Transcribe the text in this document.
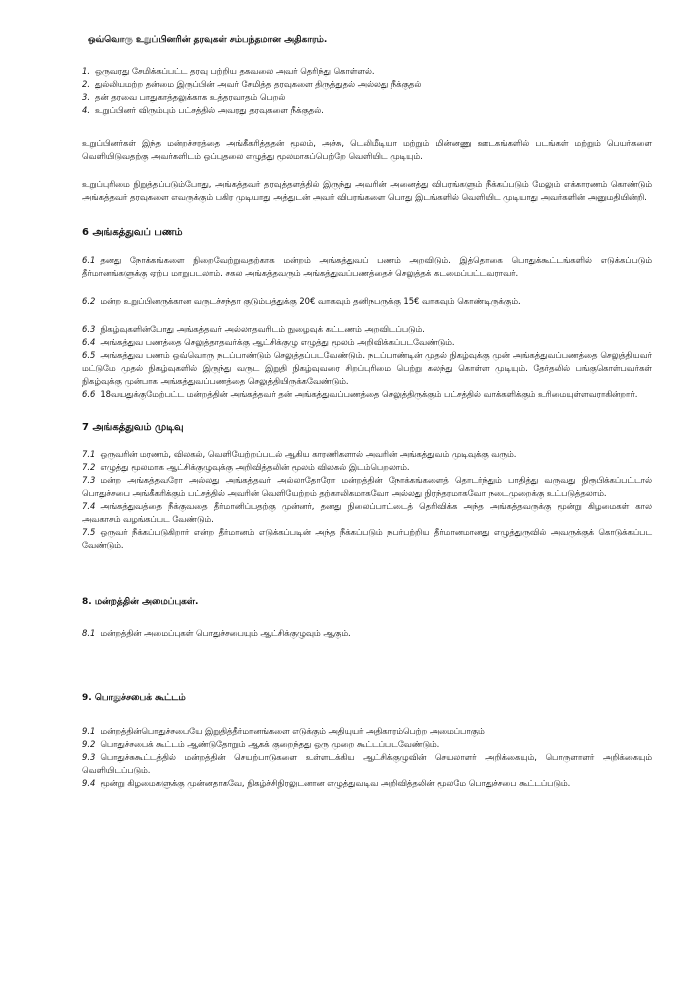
ஒவ்வொரு உறுப்பினரின் தரவுகள் சம்பந்தமான அதிகாரம்.

1. ஒருவரது சேமிக்கப்பட்ட தரவு பற்றிய தகவலை அவர் தெரிந்து கொள்ளல்.

2. துல்லியமற்ற தன்மை இருப்பின் அவர் சேமித்த தரவுகளை திருத்துதல் அல்லது நீக்குதல்

3. தன் தரவை பாதுகாத்தலுக்காக உத்தரவாதம் பெறல்

4. உறுப்பினர் விரும்பும் பட்சத்தில் அவரது தரவுகளை நீக்குதல்.

உறுப்பினர்கள் இந்த மன்றச்சரத்தை அங்கீகரித்ததன் மூலம், அச்சு, டெலிமீடியா மற்றும் மின்னணு ஊடகங்களில் படங்கள் மற்றும் பெயர்களை வெளியிடுவதற்கு அவர்களிடம் ஒப்புதலை எழுத்து மூலமாகப்பெற்றே வெளியிட முடியும்.

உறுப்புரிமை நிறுத்தப்படும்போது, அங்கத்தவர் தரவுத்தளத்தில் இருந்து அவரின் அனைத்து விபரங்களும் நீக்கப்படும் மேலும் எக்காரணம் கொண்டும் அங்கத்தவர் தரவுகளை எவருக்கும் பகிர முடியாது அத்துடன் அவர் விபரங்களை பொது இடங்களில் வெளியிட முடியாது அவர்களின் அனுமதியின்றி.

6 அங்கத்துவப் பணம்

6.1 தனது நோக்கங்களை நிறைவேற்றுவதற்காக மன்றம் அங்கத்துவப் பணம் அறவிடும். இத்தொகை பொதுக்கூட்டங்களில் எடுக்கப்படும் தீர்மானங்களுக்கு ஏற்ப மாறுபடலாம். சகல அங்கத்தவரும் அங்கத்துவப்பணத்தைச் செலுத்தக் கடமைப்பட்டவராவர்.

6.2 மன்ற உறுப்பினருக்கான வருடச்சந்தா குடும்பத்துக்கு 20€ வாகவும் தனிநபருக்கு 15€ வாகவும் கொண்டிருக்கும்.

6.3 நிகழ்வுகளின்போது அங்கத்தவர் அல்லாதவரிடம் நுழைவுக் கட்டணம் அறவிடப்படும்.

6.4 அங்கத்துவ பணத்தை செலுத்தாதவர்க்கு ஆட்சிக்குழு எழுத்து மூலம் அறிவிக்கப்படவேண்டும்.

6.5 அங்கத்துவ பணம் ஒவ்வொரு நடப்பாண்டும் செலுத்தப்படவேண்டும். நடப்பாண்டின் முதல் நிகழ்வுக்கு முன் அங்கத்துவப்பணத்தை செலுத்தியவர் மட்டுமே முதல் நிகழ்வுகளில் இருந்து வருட இறுதி நிகழ்வுவரை சிறப்புரிமை பெற்று கலந்து கொள்ள முடியும். தேர்தலில் பங்குகொள்பவர்கள் நிகழ்வுக்கு முன்பாக அங்கத்துவப்பணத்தை செலுத்தியிருக்கவேண்டும்.

6.6 18வயதுக்குமேற்பட்ட மன்றத்தின் அங்கத்தவர் தன் அங்கத்துவப்பணத்தை செலுத்திருக்கும் பட்சத்தில் வாக்களிக்கும் உரிமையுள்ளவராகின்றார்.

7 அங்கத்துவம் முடிவு

7.1 ஒருவரின் மரணம், விலகல், வெளியேற்றப்படல் ஆகிய காரணிகளால் அவரின் அங்கத்துவம் முடிவுக்கு வரும்.

7.2 எழுத்து மூலமாக ஆட்சிக்குழுவுக்கு அறிவித்தலின் மூலம் விலகல் இடம்பெறலாம்.

7.3 மன்ற அங்கத்தவரோ அல்லது அங்கத்தவர் அல்லாதோரோ மன்றத்தின் நோக்கங்களைத் தொடர்ந்தும் பாதித்து வருவது நிரூபிக்கப்பட்டால் பொதுச்சபை அங்கீகரிக்கும் பட்சத்தில் அவரின் வெளியேற்றம் தற்காலிகமாகவோ அல்லது நிரந்தரமாகவோ நடைமுறைக்கு உட்படுத்தலாம்.

7.4 அங்கத்துவத்தை நீக்குவதை தீர்மானிப்பதற்கு முன்னர், தனது நிலைப்பாட்டைத் தெரிவிக்க அந்த அங்கத்தவருக்கு மூன்று கிழமைகள் கால அவகாசம் வழங்கப்பட வேண்டும்.

7.5 ஒருவர் நீக்கப்படுகிறார் என்ற தீர்மானம் எடுக்கப்படின் அந்த நீக்கப்படும் நபர்பற்றிய தீர்மானமானது எழுத்துருவில் அவருக்குக் கொடுக்கப்பட வேண்டும்.

8. மன்றத்தின் அமைப்புகள்.

8.1 மன்றத்தின் அமைப்புகள் பொதுச்சபையும் ஆட்சிக்குழுவும் ஆகும்.

9. பொதுச்சபைக் கூட்டம்

9.1 மன்றத்தின்பொதுச்சபையே இறுதித்தீர்மானங்களை எடுக்கும் அதியுயர் அதிகாரம்பெற்ற அமைப்பாகும்

9.2 பொதுச்சபைக் கூட்டம் ஆண்டுதோறும் ஆகக் குறைந்தது ஒரு முறை கூட்டப்படவேண்டும்.

9.3 பொதுச்சுகூட்டத்தில் மன்றத்தின் செயற்பாடுகளை உள்ளடக்கிய ஆட்சிக்குழுவின் செயலாளர் அறிக்கையும், பொருளாளர் அறிக்கையும் வெளியிடப்படும்.

9.4 மூன்று கிழமைகளுக்கு முன்னதாகவே, நிகழ்ச்சிநிரலுடனான எழுத்துவடிவ அறிவித்தலின் மூலமே பொதுச்சபை கூட்டப்படும்.
